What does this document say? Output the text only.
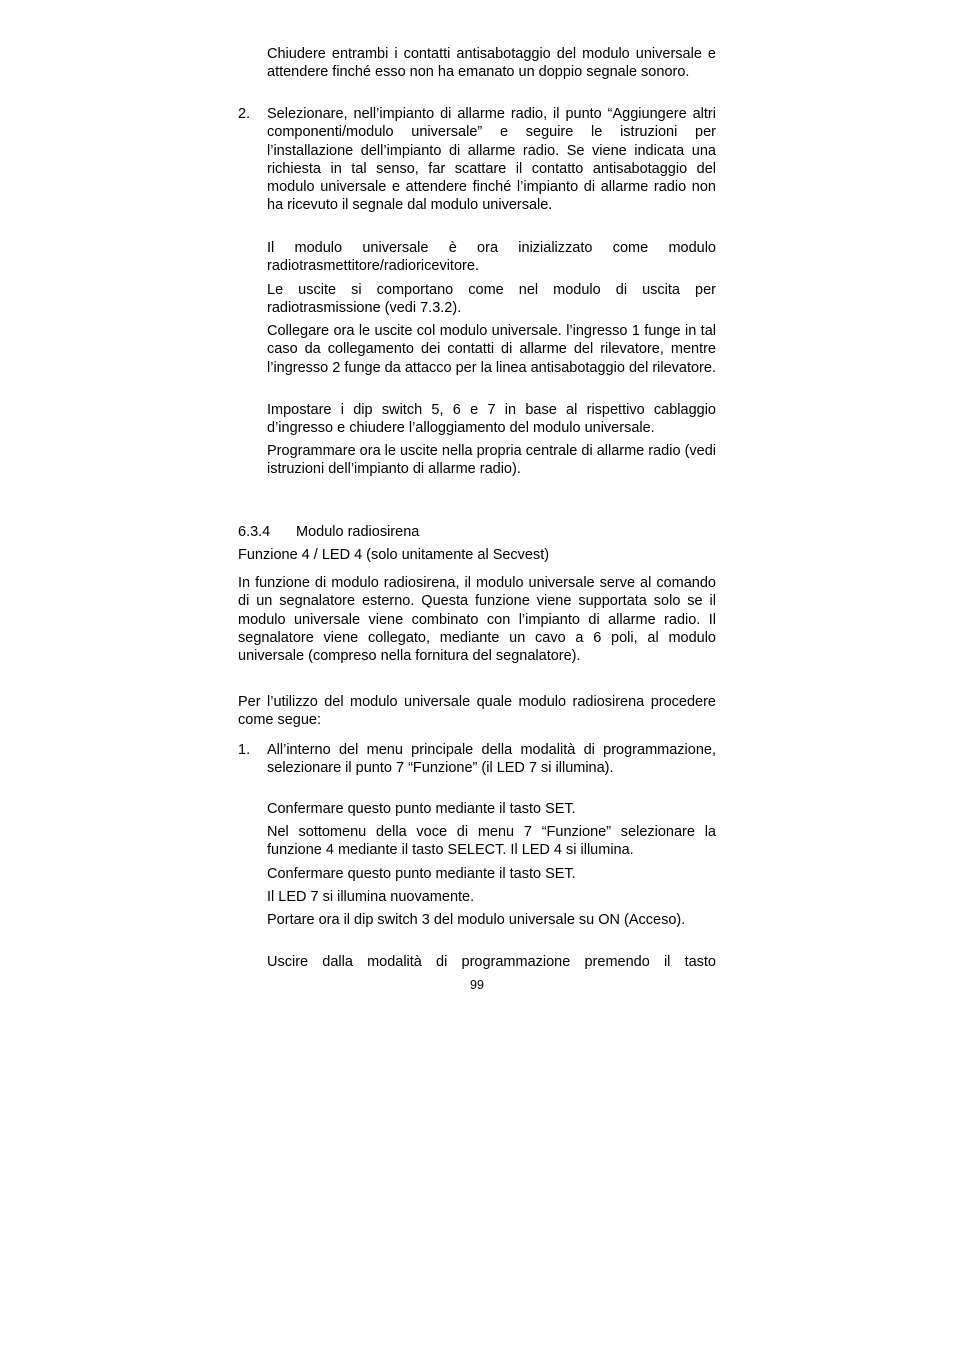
Chiudere entrambi i contatti antisabotaggio del modulo universale e attendere finché esso non ha emanato un doppio segnale sonoro.

2. Selezionare, nell’impianto di allarme radio, il punto “Aggiungere altri componenti/modulo universale” e seguire le istruzioni per l’installazione dell’impianto di allarme radio. Se viene indicata una richiesta in tal senso, far scattare il contatto antisabotaggio del modulo universale e attendere finché l’impianto di allarme radio non ha ricevuto il segnale dal modulo universale.

Il modulo universale è ora inizializzato come modulo radiotrasmettitore/radioricevitore.

Le uscite si comportano come nel modulo di uscita per radiotrasmissione (vedi 7.3.2).

Collegare ora le uscite col modulo universale. l’ingresso 1 funge in tal caso da collegamento dei contatti di allarme del rilevatore, mentre l’ingresso 2 funge da attacco per la linea antisabotaggio del rilevatore.

Impostare i dip switch 5, 6 e 7 in base al rispettivo cablaggio d’ingresso e chiudere l’alloggiamento del modulo universale.

Programmare ora le uscite nella propria centrale di allarme radio (vedi istruzioni dell’impianto di allarme radio).

6.3.4 Modulo radiosirena

Funzione 4 / LED 4 (solo unitamente al Secvest)

In funzione di modulo radiosirena, il modulo universale serve al comando di un segnalatore esterno. Questa funzione viene supportata solo se il modulo universale viene combinato con l’impianto di allarme radio. Il segnalatore viene collegato, mediante un cavo a 6 poli, al modulo universale (compreso nella fornitura del segnalatore).

Per l’utilizzo del modulo universale quale modulo radiosirena procedere come segue:

1. All’interno del menu principale della modalità di programmazione, selezionare il punto 7 “Funzione” (il LED 7 si illumina).

Confermare questo punto mediante il tasto SET.

Nel sottomenu della voce di menu 7 “Funzione” selezionare la funzione 4 mediante il tasto SELECT. Il LED 4 si illumina.

Confermare questo punto mediante il tasto SET.

Il LED 7 si illumina nuovamente.

Portare ora il dip switch 3 del modulo universale su ON (Acceso).

Uscire dalla modalità di programmazione premendo il tasto

99
